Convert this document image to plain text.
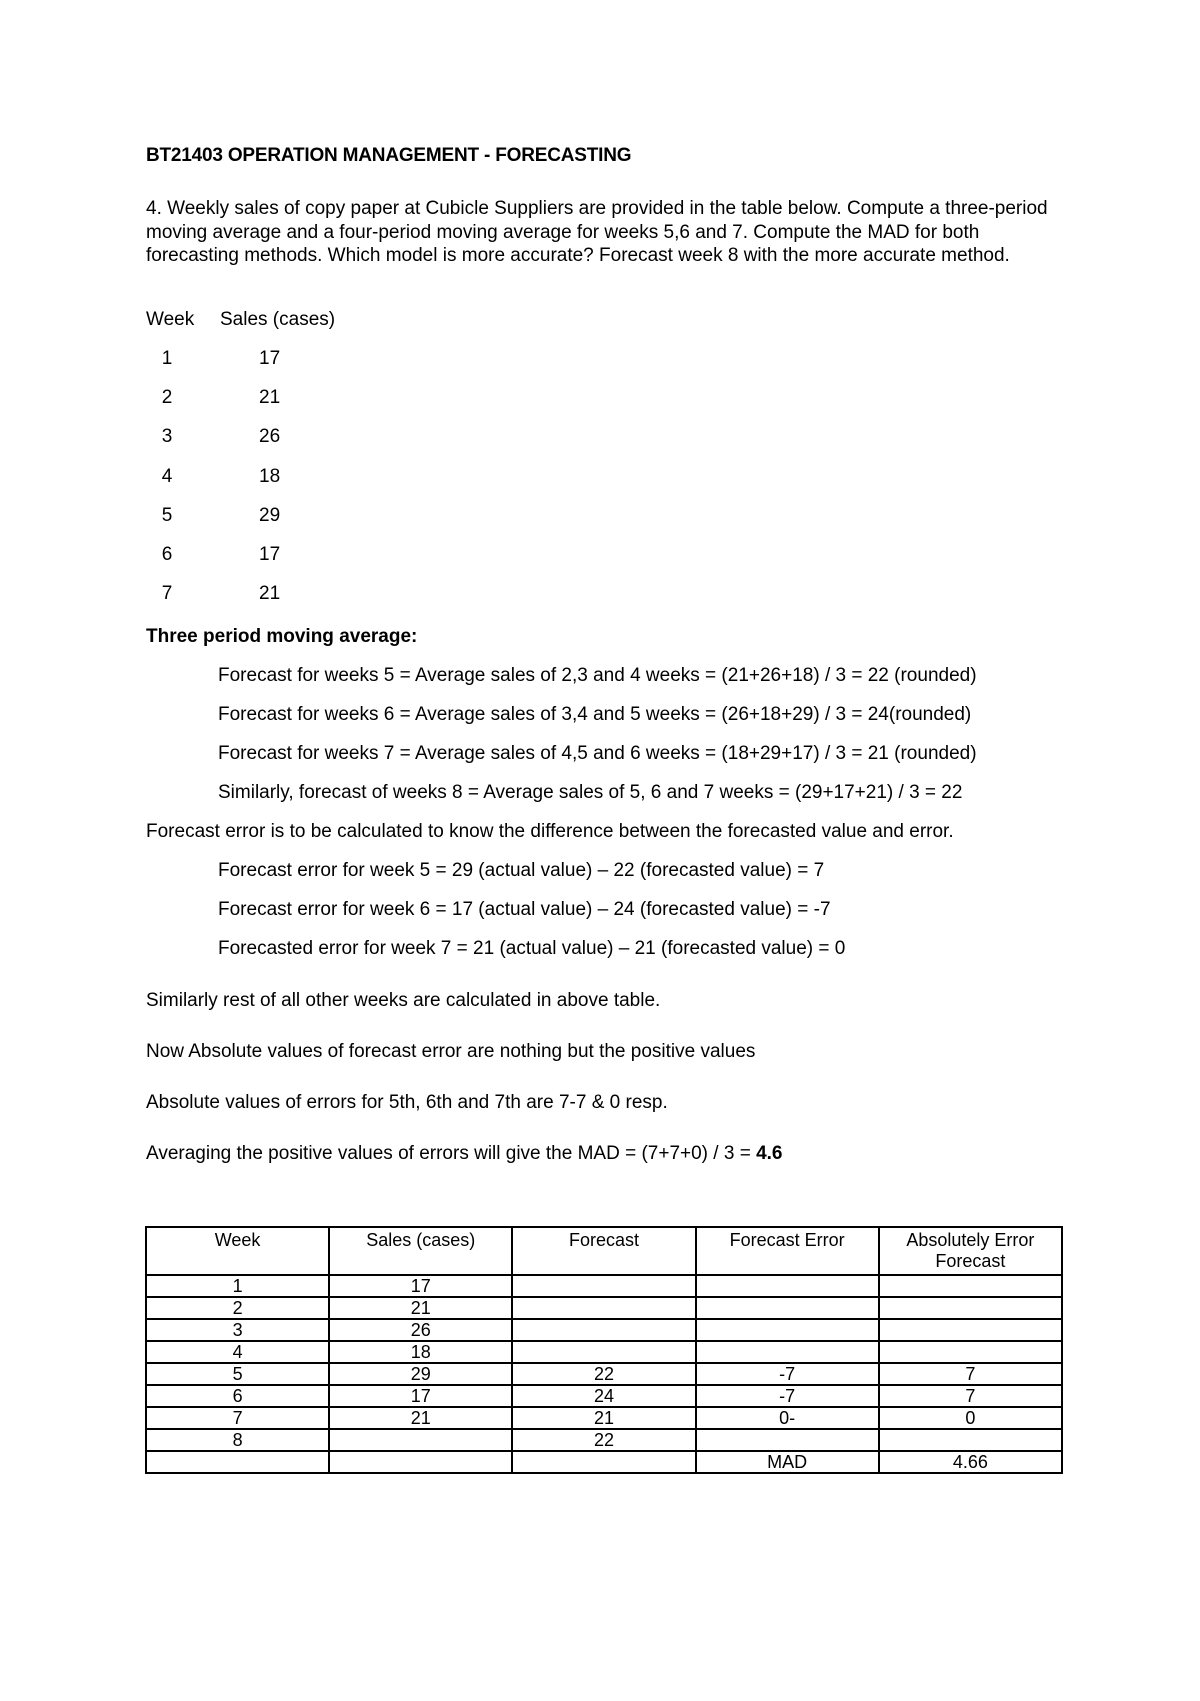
BT21403 OPERATION MANAGEMENT - FORECASTING
4. Weekly sales of copy paper at Cubicle Suppliers are provided in the table below. Compute a three-period moving average and a four-period moving average for weeks 5,6 and 7. Compute the MAD for both forecasting methods. Which model is more accurate? Forecast week 8 with the more accurate method.
Week Sales (cases)
1	17
2	21
3	26
4	18
5	29
6	17
7	21
Three period moving average:
Forecast for weeks 5 = Average sales of 2,3 and 4 weeks = (21+26+18) / 3 = 22 (rounded)
Forecast for weeks 6 = Average sales of 3,4 and 5 weeks = (26+18+29) / 3 = 24(rounded)
Forecast for weeks 7 = Average sales of 4,5 and 6 weeks = (18+29+17) / 3 = 21 (rounded)
Similarly, forecast of weeks 8 = Average sales of 5, 6 and 7 weeks = (29+17+21) / 3 = 22
Forecast error is to be calculated to know the difference between the forecasted value and error.
Forecast error for week 5 = 29 (actual value) – 22 (forecasted value) = 7
Forecast error for week 6 = 17 (actual value) – 24 (forecasted value) = -7
Forecasted error for week 7 = 21 (actual value) – 21 (forecasted value) = 0
Similarly rest of all other weeks are calculated in above table.
Now Absolute values of forecast error are nothing but the positive values
Absolute values of errors for 5th, 6th and 7th are 7-7 & 0 resp.
Averaging the positive values of errors will give the MAD = (7+7+0) / 3 = 4.6
Week	Sales (cases)	Forecast	Forecast Error	Absolutely Error Forecast
1	17			
2	21			
3	26			
4	18			
5	29	22	-7	7
6	17	24	-7	7
7	21	21	0-	0
8		22		
			MAD	4.66
